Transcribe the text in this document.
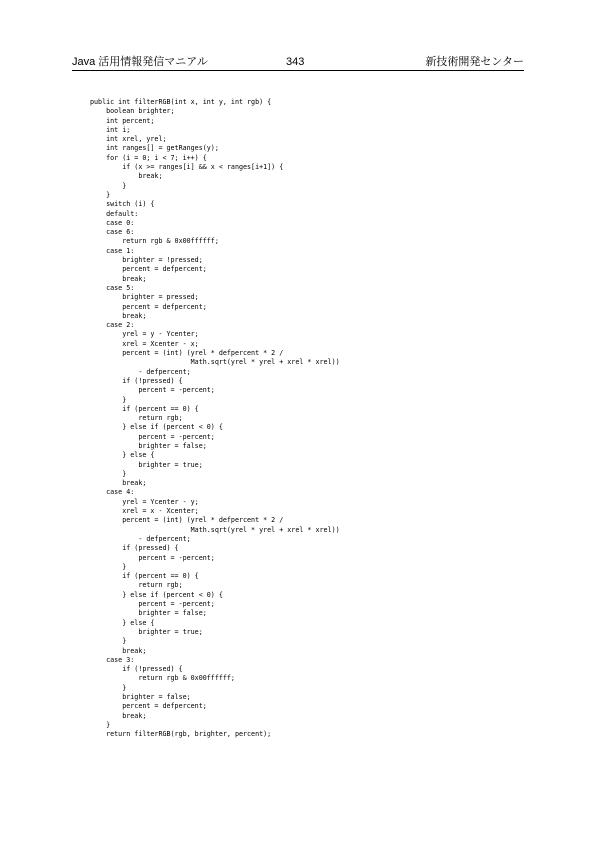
Java 活用情報発信マニアル	343	新技術開発センター
public int filterRGB(int x, int y, int rgb) {
boolean brighter;
int percent;
int i;
int xrel, yrel;
int ranges[] = getRanges(y);
for (i = 0; i < 7; i++) {
if (x >= ranges[i] && x < ranges[i+1]) {
break;
}
}
switch (i) {
default:
case 0:
case 6:
return rgb & 0x00ffffff;
case 1:
brighter = !pressed;
percent = defpercent;
break;
case 5:
brighter = pressed;
percent = defpercent;
break;
case 2:
yrel = y - Ycenter;
xrel = Xcenter - x;
percent = (int) (yrel * defpercent * 2 /
Math.sqrt(yrel * yrel + xrel * xrel))
- defpercent;
if (!pressed) {
percent = -percent;
}
if (percent == 0) {
return rgb;
} else if (percent < 0) {
percent = -percent;
brighter = false;
} else {
brighter = true;
}
break;
case 4:
yrel = Ycenter - y;
xrel = x - Xcenter;
percent = (int) (yrel * defpercent * 2 /
Math.sqrt(yrel * yrel + xrel * xrel))
- defpercent;
if (pressed) {
percent = -percent;
}
if (percent == 0) {
return rgb;
} else if (percent < 0) {
percent = -percent;
brighter = false;
} else {
brighter = true;
}
break;
case 3:
if (!pressed) {
return rgb & 0x00ffffff;
}
brighter = false;
percent = defpercent;
break;
}
return filterRGB(rgb, brighter, percent);
